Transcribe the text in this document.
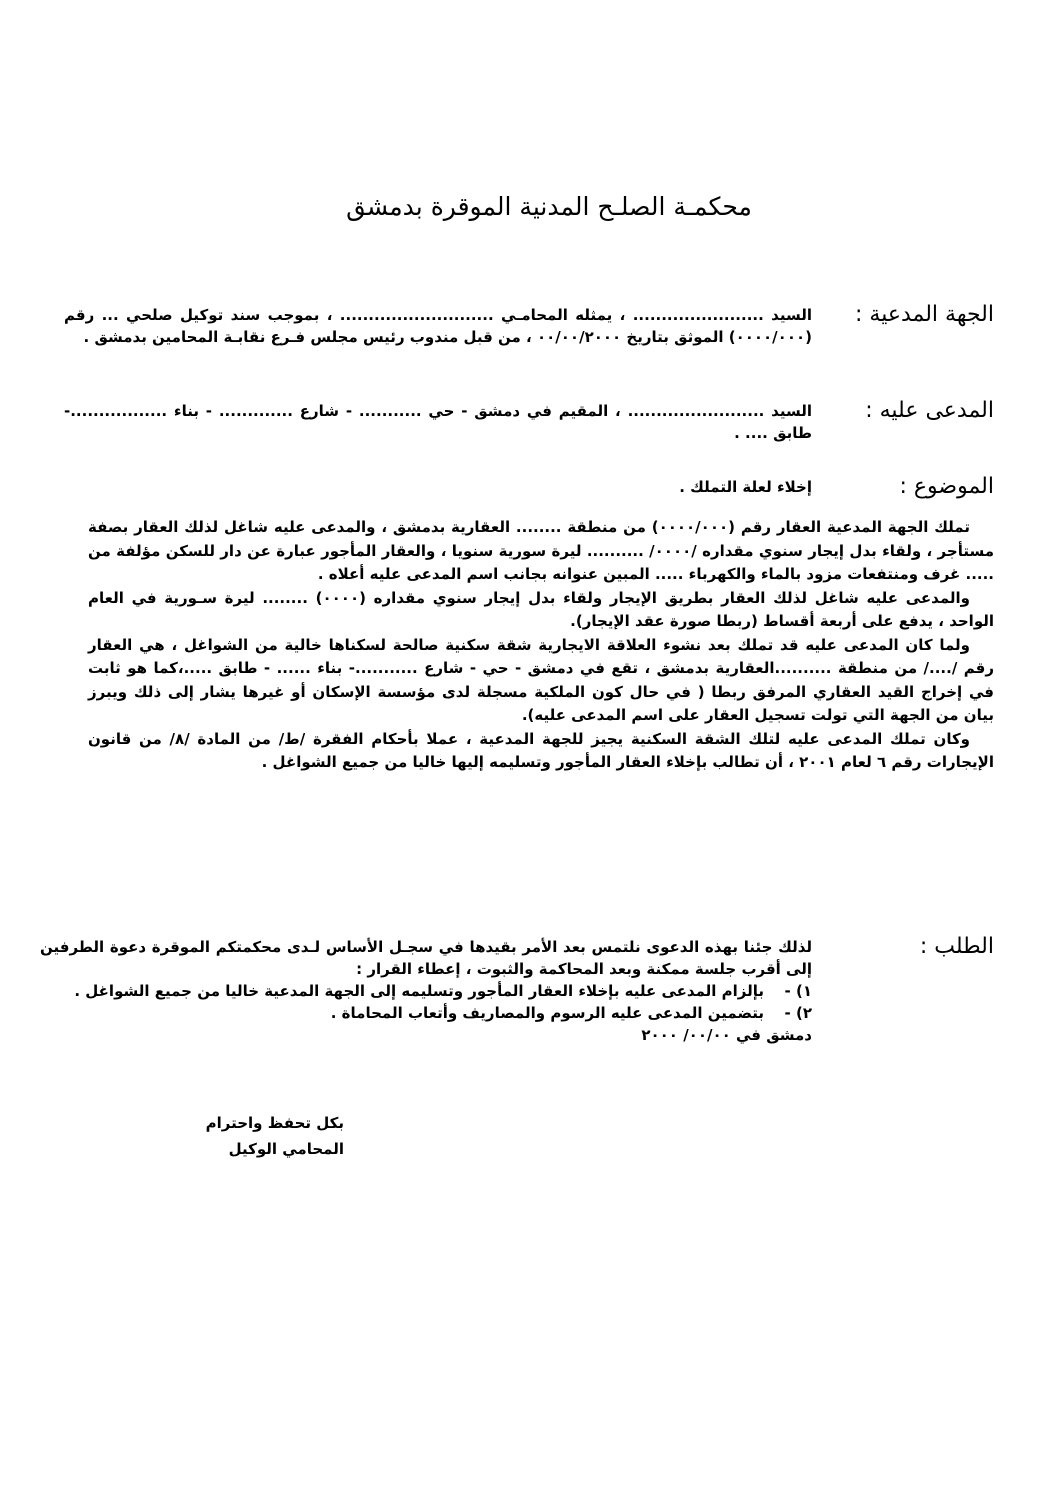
محكمـة الصلـح المدنية الموقرة بدمشق
الجهة المدعية :
السيد ....................... ، يمثله المحامـي ........................... ، بموجب سند توكيل صلحي ... رقم (٠٠٠٠/٠٠٠) الموثق بتاريخ ٠٠/٠٠/٢٠٠٠ ، من قبل مندوب رئيس مجلس فـرع نقابـة المحامين بدمشق .
المدعى عليه :
السيد ........................ ، المقيم في دمشق - حي ........... - شارع ............. - بناء .................- طابق .... .
الموضوع :
إخلاء لعلة التملك .

تملك الجهة المدعية العقار رقم (٠٠٠٠/٠٠٠) من منطقة ........ العقارية بدمشق ، والمدعى عليه شاغل لذلك العقار بصفة مستأجر ، ولقاء بدل إيجار سنوي مقداره /٠٠٠٠/ .......... ليرة سورية سنويا ، والعقار المأجور عبارة عن دار للسكن مؤلفة من ..... غرف ومنتفعات مزود بالماء والكهرباء ..... المبين عنوانه بجانب اسم المدعى عليه أعلاه .

والمدعى عليه شاغل لذلك العقار بطريق الإيجار ولقاء بدل إيجار سنوي مقداره (٠٠٠٠) ........ ليرة سـورية في العام الواحد ، يدفع على أربعة أقساط (ربطا صورة عقد الإيجار).

ولما كان المدعى عليه قد تملك بعد نشوء العلاقة الايجارية شقة سكنية صالحة لسكناها خالية من الشواغل ، هي العقار رقم /..../ من منطقة ..........العقارية بدمشق ، تقع في دمشق - حي - شارع ...........- بناء ...... - طابق .....،كما هو ثابت في إخراج القيد العقاري المرفق ربطا ( في حال كون الملكية مسجلة لدى مؤسسة الإسكان أو غيرها يشار إلى ذلك ويبرز بيان من الجهة التي تولت تسجيل العقار على اسم المدعى عليه).

وكان تملك المدعى عليه لتلك الشقة السكنية يجيز للجهة المدعية ، عملا بأحكام الفقرة /ط/ من المادة /٨/ من قانون الإيجارات رقم ٦ لعام ٢٠٠١ ، أن تطالب بإخلاء العقار المأجور وتسليمه إليها خاليا من جميع الشواغل .

الطلب :

لذلك جئنا بهذه الدعوى نلتمس بعد الأمر بقيدها في سجـل الأساس لـدى محكمتكم الموقرة دعوة الطرفين إلى أقرب جلسة ممكنة وبعد المحاكمة والثبوت ، إعطاء القرار :

١) -
بإلزام المدعى عليه بإخلاء العقار المأجور وتسليمه إلى الجهة المدعية خاليا من جميع الشواغل .
٢) -
بتضمين المدعى عليه الرسوم والمصاريف وأتعاب المحاماة .

دمشق في ٠٠/٠٠/ ٢٠٠٠

بكل تحفظ واحترام
المحامي الوكيل
